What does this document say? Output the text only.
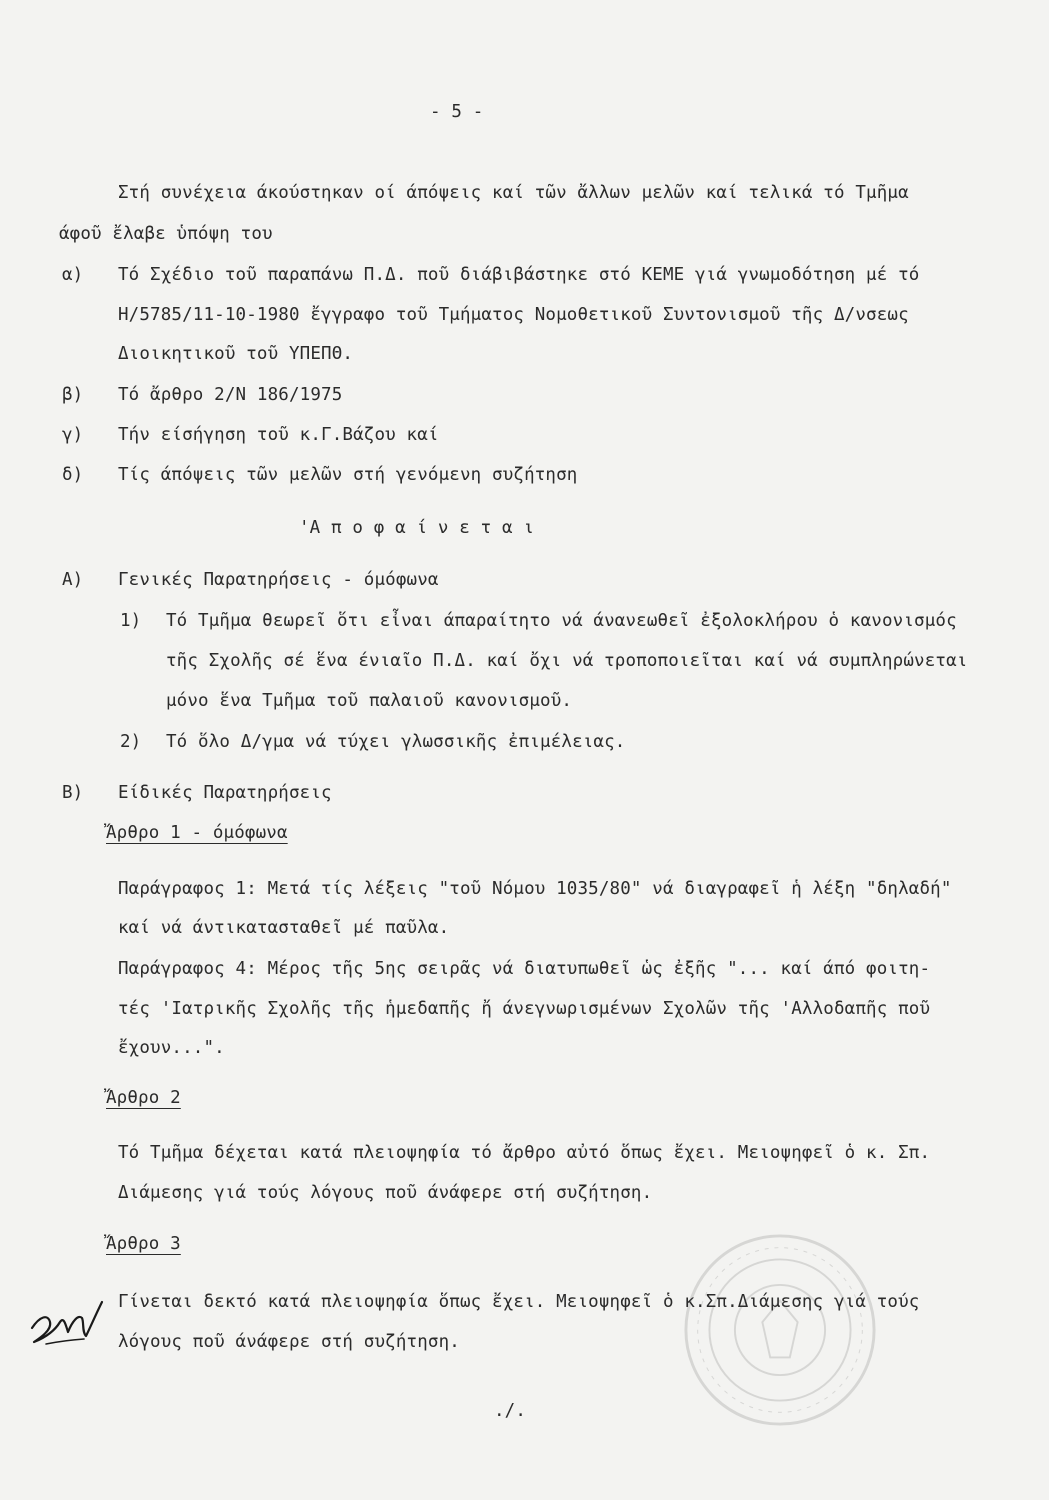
- 5 -
Στή συνέχεια άκούστηκαν οί άπόψεις καί τῶν ἄλλων μελῶν καί τελικά τό Τμῆμα
άφοῦ ἔλαβε ὑπόψη του
α) Τό Σχέδιο τοῦ παραπάνω Π.Δ. ποῦ διάβιβάστηκε στό ΚΕΜΕ γιά γνωμοδότηση μέ τό
Η/5785/11-10-1980 ἔγγραφο τοῦ Τμήματος Νομοθετικοῦ Συντονισμοῦ τῆς Δ/νσεως
Διοικητικοῦ τοῦ ΥΠΕΠΘ.
β) Τό ἄρθρο 2/Ν 186/1975
γ) Τήν είσήγηση τοῦ κ.Γ.Βάζου καί
δ) Τίς άπόψεις τῶν μελῶν στή γενόμενη συζήτηση
'Α π ο φ α ί ν ε τ α ι
Α) Γενικές Παρατηρήσεις - όμόφωνα
1) Τό Τμῆμα θεωρεῖ ὅτι εἶναι άπαραίτητο νά άνανεωθεῖ ἐξολοκλήρου ὁ κανονισμός
τῆς Σχολῆς σέ ἕνα ένιαῖο Π.Δ. καί ὄχι νά τροποποιεῖται καί νά συμπληρώνεται
μόνο ἕνα Τμῆμα τοῦ παλαιοῦ κανονισμοῦ.
2) Τό ὅλο Δ/γμα νά τύχει γλωσσικῆς ἐπιμέλειας.
Β) Είδικές Παρατηρήσεις
Ἄρθρο 1 - όμόφωνα
Παράγραφος 1: Μετά τίς λέξεις "τοῦ Νόμου 1035/80" νά διαγραφεῖ ἡ λέξη "δηλαδή"
καί νά άντικατασταθεῖ μέ παῦλα.
Παράγραφος 4: Μέρος τῆς 5ης σειρᾶς νά διατυπωθεῖ ὡς ἐξῆς "... καί άπό φοιτη-
τές 'Ιατρικῆς Σχολῆς τῆς ἡμεδαπῆς ἤ άνεγνωρισμένων Σχολῶν τῆς 'Αλλοδαπῆς ποῦ
ἔχουν...".
Ἄρθρο 2
Τό Τμῆμα δέχεται κατά πλειοψηφία τό ἄρθρο αὐτό ὅπως ἔχει. Μειοψηφεῖ ὁ κ. Σπ.
Διάμεσης γιά τούς λόγους ποῦ άνάφερε στή συζήτηση.
Ἄρθρο 3
Γίνεται δεκτό κατά πλειοψηφία ὅπως ἔχει. Μειοψηφεῖ ὁ κ.Σπ.Διάμεσης γιά τούς
λόγους ποῦ άνάφερε στή συζήτηση.
./.
